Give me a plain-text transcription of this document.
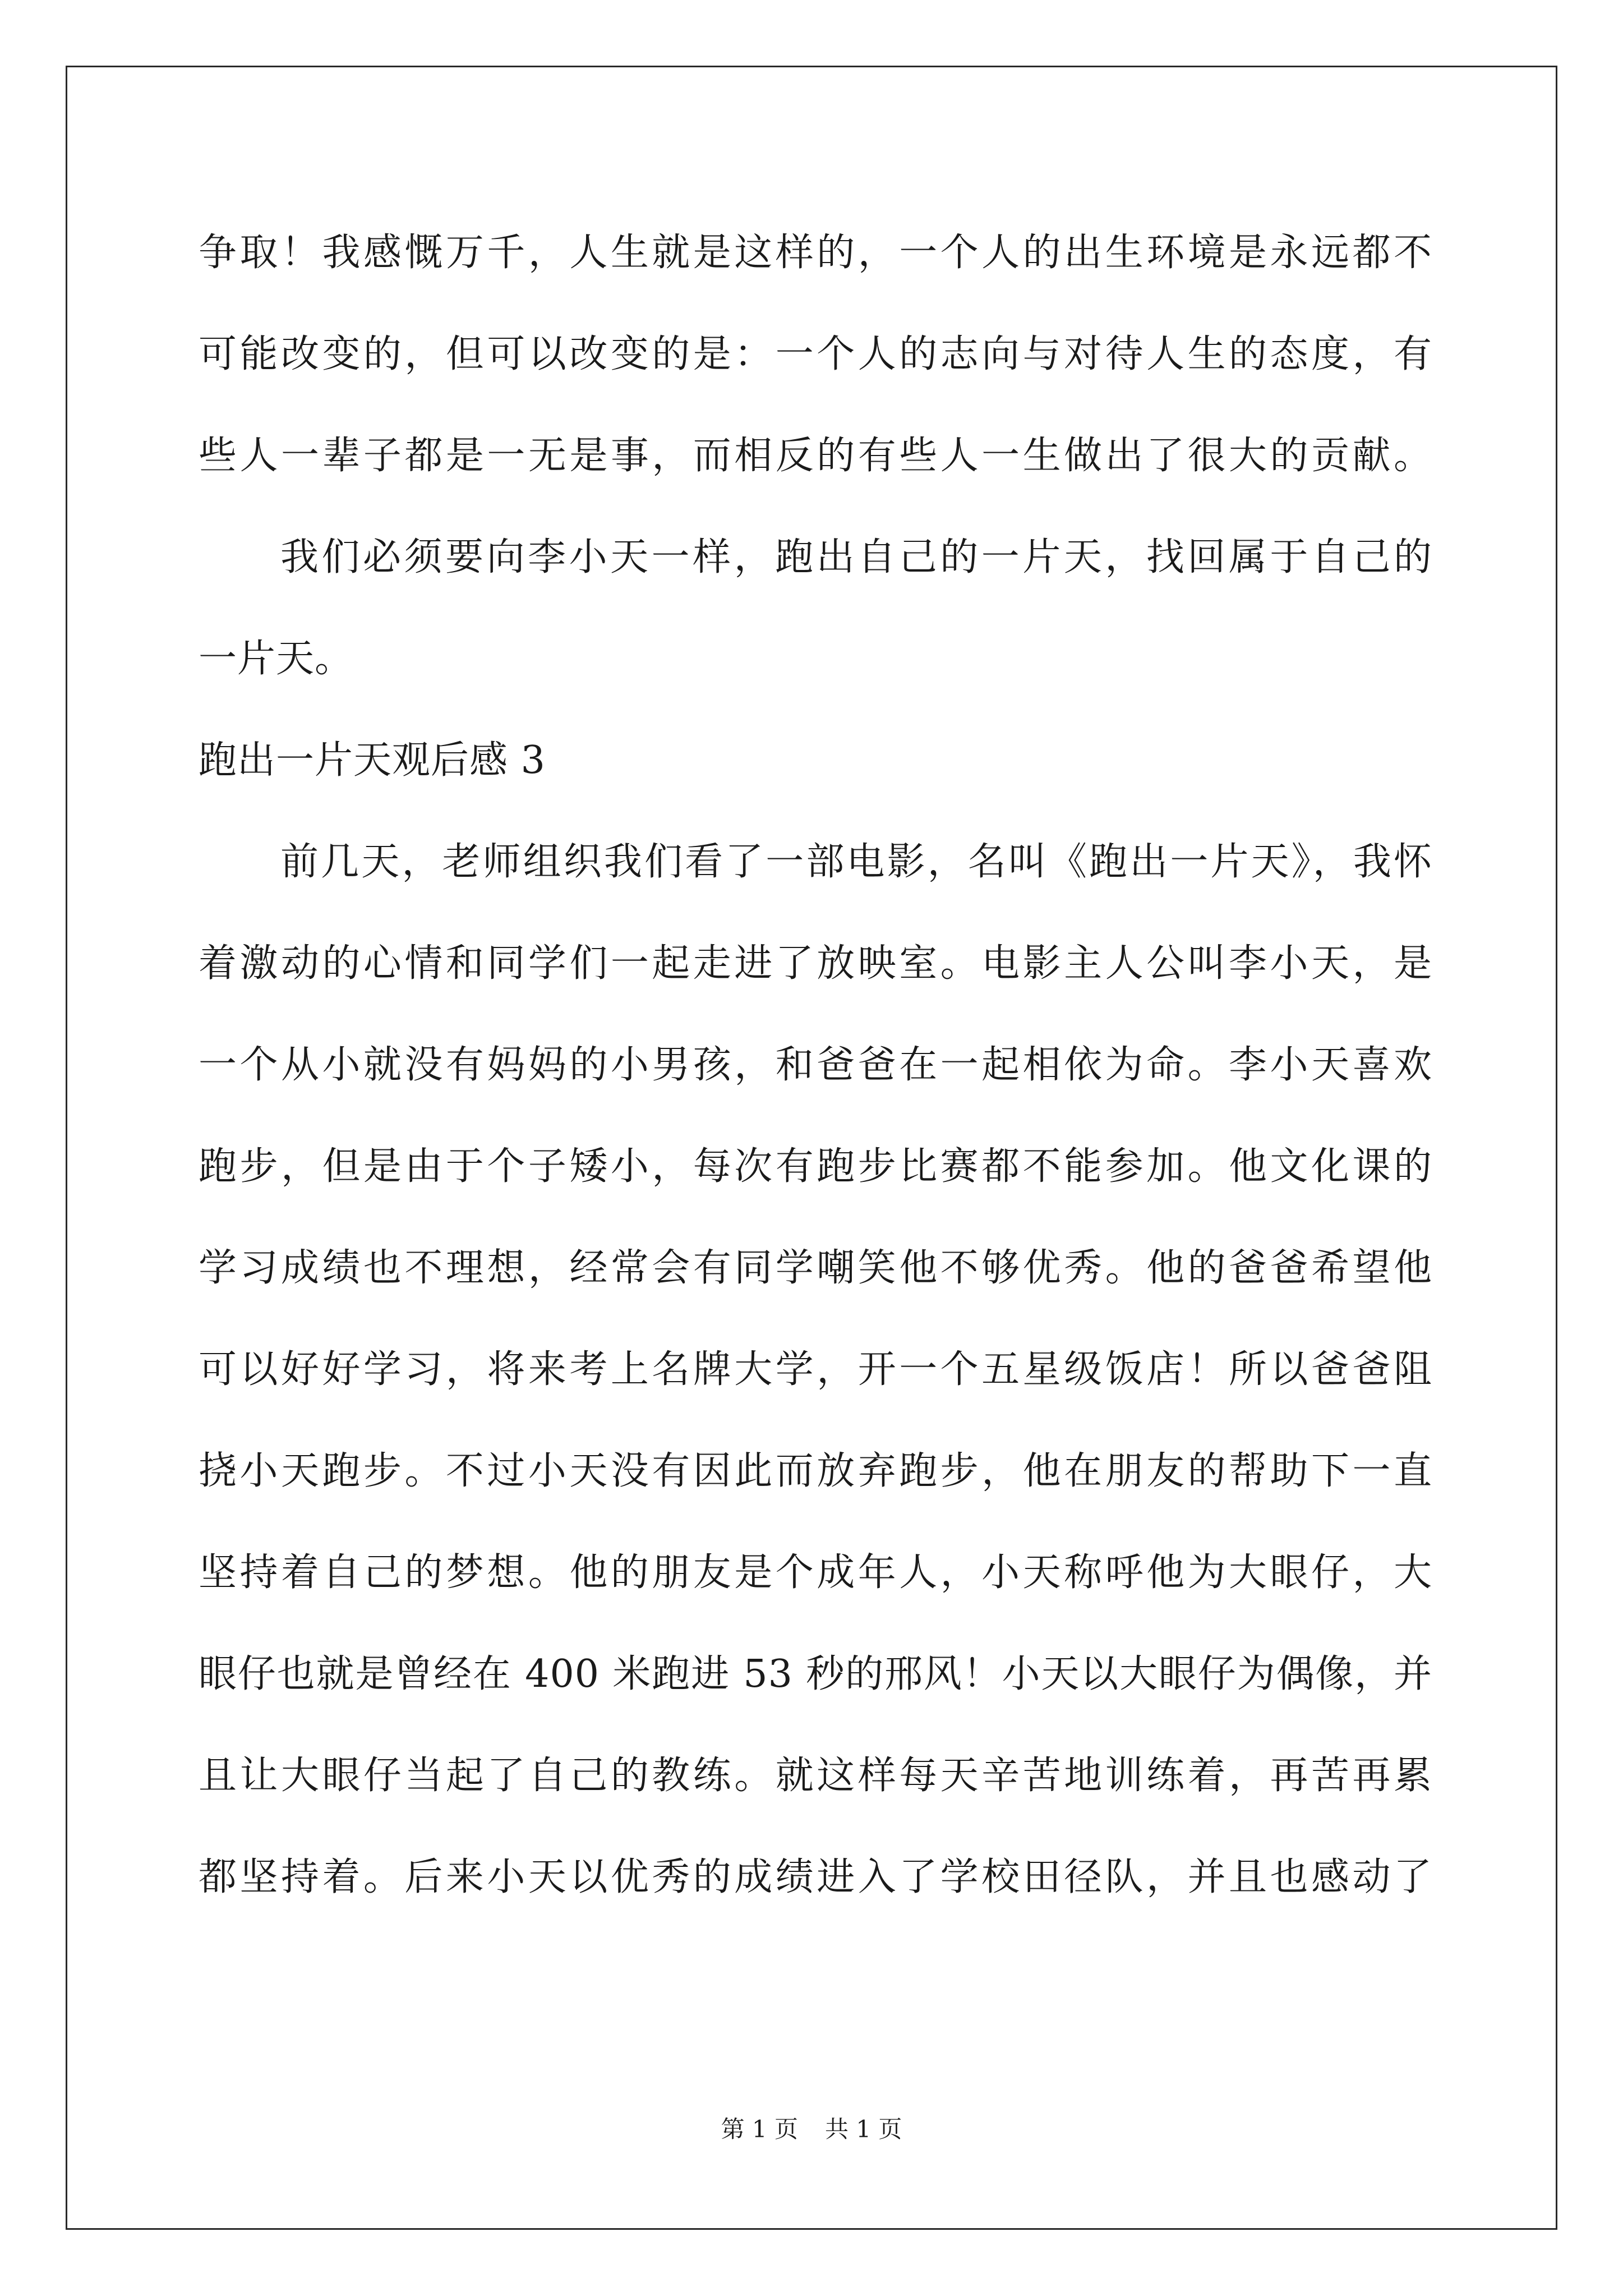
争取！我感慨万千，人生就是这样的，一个人的出生环境是永远都不
可能改变的，但可以改变的是：一个人的志向与对待人生的态度，有
些人一辈子都是一无是事，而相反的有些人一生做出了很大的贡献。
我们必须要向李小天一样，跑出自己的一片天，找回属于自己的
一片天。
跑出一片天观后感 3
前几天，老师组织我们看了一部电影，名叫《跑出一片天》，我怀
着激动的心情和同学们一起走进了放映室。电影主人公叫李小天，是
一个从小就没有妈妈的小男孩，和爸爸在一起相依为命。李小天喜欢
跑步，但是由于个子矮小，每次有跑步比赛都不能参加。他文化课的
学习成绩也不理想，经常会有同学嘲笑他不够优秀。他的爸爸希望他
可以好好学习，将来考上名牌大学，开一个五星级饭店！所以爸爸阻
挠小天跑步。不过小天没有因此而放弃跑步，他在朋友的帮助下一直
坚持着自己的梦想。他的朋友是个成年人，小天称呼他为大眼仔，大
眼仔也就是曾经在 400 米跑进 53 秒的邢风！小天以大眼仔为偶像，并
且让大眼仔当起了自己的教练。就这样每天辛苦地训练着，再苦再累
都坚持着。后来小天以优秀的成绩进入了学校田径队，并且也感动了
第 1 页 共 1 页
